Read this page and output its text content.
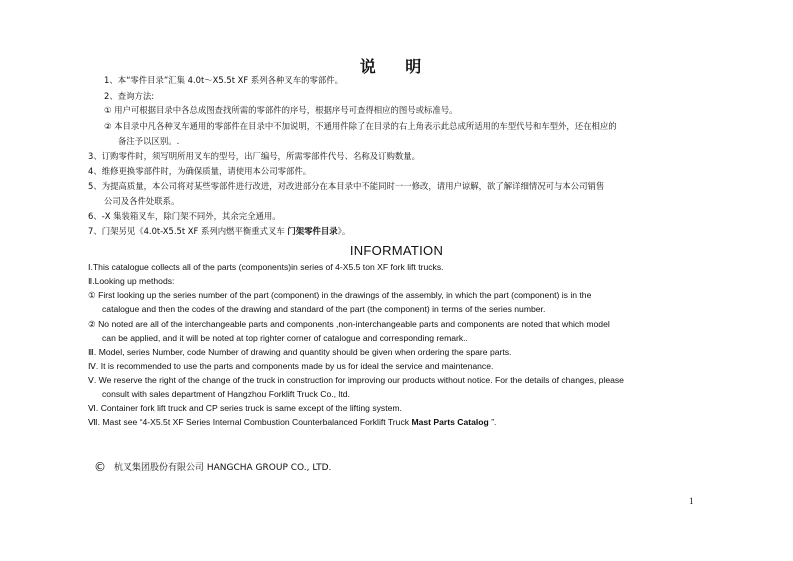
说 明
1、本“零件目录”汇集 4.0t～X5.5t XF 系列各种叉车的零部件。
2、查询方法:
① 用户可根据目录中各总成图查找所需的零部件的序号，根据序号可查得相应的图号或标准号。
② 本目录中凡各种叉车通用的零部件在目录中不加说明，不通用件除了在目录的右上角表示此总成所适用的车型代号和车型外，还在相应的
备注予以区别。.
3、订购零件时，须写明所用叉车的型号，出厂编号，所需零部件代号、名称及订购数量。
4、维修更换零部件时，为确保质量，请使用本公司零部件。
5、为提高质量，本公司将对某些零部件进行改进，对改进部分在本目录中不能同时一一修改，请用户谅解，欲了解详细情况可与本公司销售
公司及各件处联系。
6、-X 集装箱叉车，除门架不同外，其余完全通用。
7、门架另见《4.0t-X5.5t XF 系列内燃平衡重式叉车 门架零件目录》。
INFORMATION
Ⅰ.This catalogue collects all of the parts (components)in series of 4-X5.5 ton XF fork lift trucks.
Ⅱ.Looking up methods:
① First looking up the series number of the part (component) in the drawings of the assembly, in which the part (component) is in the
catalogue and then the codes of the drawing and standard of the part (the component) in terms of the series number.
② No noted are all of the interchangeable parts and components ,non-interchangeable parts and components are noted that which model
can be applied, and it will be noted at top righter corner of catalogue and corresponding remark..
Ⅲ. Model, series Number, code Number of drawing and quantity should be given when ordering the spare parts.
Ⅳ. It is recommended to use the parts and components made by us for ideal the service and maintenance.
Ⅴ. We reserve the right of the change of the truck in construction for improving our products without notice. For the details of changes, please
consult with sales department of Hangzhou Forklift Truck Co., ltd.
Ⅵ. Container fork lift truck and CP series truck is same except of the lifting system.
Ⅶ. Mast see “4-X5.5t XF Series Internal Combustion Counterbalanced Forklift Truck Mast Parts Catalog ”.
© 杭叉集团股份有限公司 HANGCHA GROUP CO., LTD.
1
